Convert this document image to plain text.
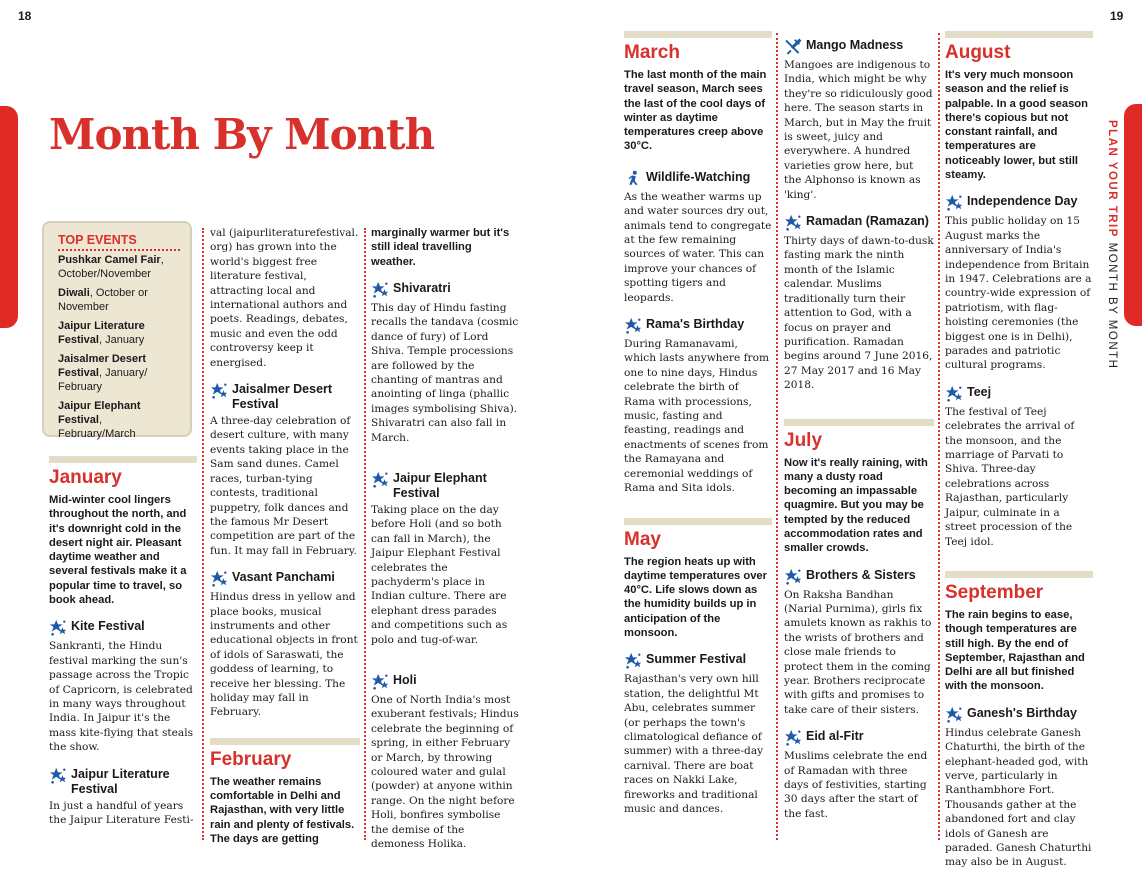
18	19
Month By Month	PLAN YOUR TRIP MONTH BY MONTH
TOP EVENTS
Pushkar Camel Fair, October/November
Diwali, October or November
Jaipur Literature Festival, January
Jaisalmer Desert Festival, January/ February
Jaipur Elephant Festival, February/March
January

Mid-winter cool lingers throughout the north, and it's downright cold in the desert night air. Pleasant daytime weather and several festivals make it a popular time to travel, so book ahead.

Kite Festival

Sankranti, the Hindu festival marking the sun's passage across the Tropic of Capricorn, is celebrated in many ways throughout India. In Jaipur it's the mass kite-flying that steals the show.

Jaipur Literature Festival

In just a handful of years the Jaipur Literature Festi-

val (jaipurliteraturefestival. org) has grown into the world's biggest free literature festival, attracting local and international authors and poets. Readings, debates, music and even the odd controversy keep it energised.

Jaisalmer Desert Festival

A three-day celebration of desert culture, with many events taking place in the Sam sand dunes. Camel races, turban-tying contests, traditional puppetry, folk dances and the famous Mr Desert competition are part of the fun. It may fall in February.

Vasant Panchami

Hindus dress in yellow and place books, musical instruments and other educational objects in front of idols of Saraswati, the goddess of learning, to receive her blessing. The holiday may fall in February.

February

The weather remains comfortable in Delhi and Rajasthan, with very little rain and plenty of festivals. The days are getting

marginally warmer but it's still ideal travelling weather.

Shivaratri

This day of Hindu fasting recalls the tandava (cosmic dance of fury) of Lord Shiva. Temple processions are followed by the chanting of mantras and anointing of linga (phallic images symbolising Shiva). Shivaratri can also fall in March.

Jaipur Elephant Festival

Taking place on the day before Holi (and so both can fall in March), the Jaipur Elephant Festival celebrates the pachyderm's place in Indian culture. There are elephant dress parades and competitions such as polo and tug-of-war.

Holi

One of North India's most exuberant festivals; Hindus celebrate the beginning of spring, in either February or March, by throwing coloured water and gulal (powder) at anyone within range. On the night before Holi, bonfires symbolise the demise of the demoness Holika.

March

The last month of the main travel season, March sees the last of the cool days of winter as daytime temperatures creep above 30°C.

Wildlife-Watching

As the weather warms up and water sources dry out, animals tend to congregate at the few remaining sources of water. This can improve your chances of spotting tigers and leopards.

Rama's Birthday

During Ramanavami, which lasts anywhere from one to nine days, Hindus celebrate the birth of Rama with processions, music, fasting and feasting, readings and enactments of scenes from the Ramayana and ceremonial weddings of Rama and Sita idols.

May

The region heats up with daytime temperatures over 40°C. Life slows down as the humidity builds up in anticipation of the monsoon.

Summer Festival

Rajasthan's very own hill station, the delightful Mt Abu, celebrates summer (or perhaps the town's climatological defiance of summer) with a three-day carnival. There are boat races on Nakki Lake, fireworks and traditional music and dances.

Mango Madness

Mangoes are indigenous to India, which might be why they're so ridiculously good here. The season starts in March, but in May the fruit is sweet, juicy and everywhere. A hundred varieties grow here, but the Alphonso is known as 'king'.

Ramadan (Ramazan)

Thirty days of dawn-to-dusk fasting mark the ninth month of the Islamic calendar. Muslims traditionally turn their attention to God, with a focus on prayer and purification. Ramadan begins around 7 June 2016, 27 May 2017 and 16 May 2018.

July

Now it's really raining, with many a dusty road becoming an impassable quagmire. But you may be tempted by the reduced accommodation rates and smaller crowds.

Brothers & Sisters

On Raksha Bandhan (Narial Purnima), girls fix amulets known as rakhis to the wrists of brothers and close male friends to protect them in the coming year. Brothers reciprocate with gifts and promises to take care of their sisters.

Eid al-Fitr

Muslims celebrate the end of Ramadan with three days of festivities, starting 30 days after the start of the fast.

August

It's very much monsoon season and the relief is palpable. In a good season there's copious but not constant rainfall, and temperatures are noticeably lower, but still steamy.

Independence Day

This public holiday on 15 August marks the anniversary of India's independence from Britain in 1947. Celebrations are a country-wide expression of patriotism, with flag-hoisting ceremonies (the biggest one is in Delhi), parades and patriotic cultural programs.

Teej

The festival of Teej celebrates the arrival of the monsoon, and the marriage of Parvati to Shiva. Three-day celebrations across Rajasthan, particularly Jaipur, culminate in a street procession of the Teej idol.

September

The rain begins to ease, though temperatures are still high. By the end of September, Rajasthan and Delhi are all but finished with the monsoon.

Ganesh's Birthday

Hindus celebrate Ganesh Chaturthi, the birth of the elephant-headed god, with verve, particularly in Ranthambhore Fort. Thousands gather at the abandoned fort and clay idols of Ganesh are paraded. Ganesh Chaturthi may also be in August.
